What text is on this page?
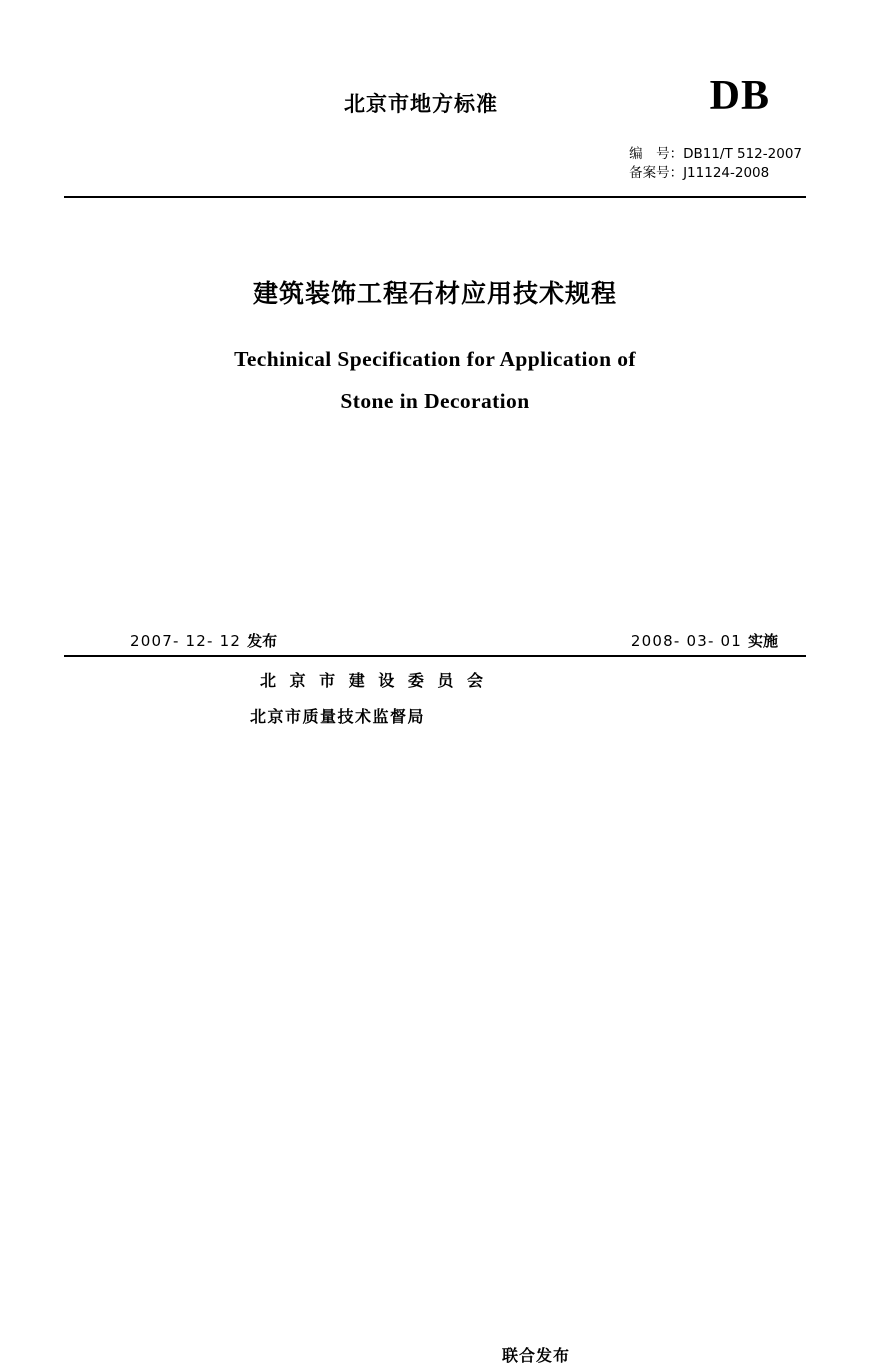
北京市地方标准	DB
编　号：DB11/T 512-2007
备案号：J11124-2008
建筑装饰工程石材应用技术规程
Techinical Specification for Application of
Stone in Decoration
2007- 12- 12 发布	2008- 03- 01 实施
北 京 市 建 设 委 员 会
北京市质量技术监督局
联合发布
